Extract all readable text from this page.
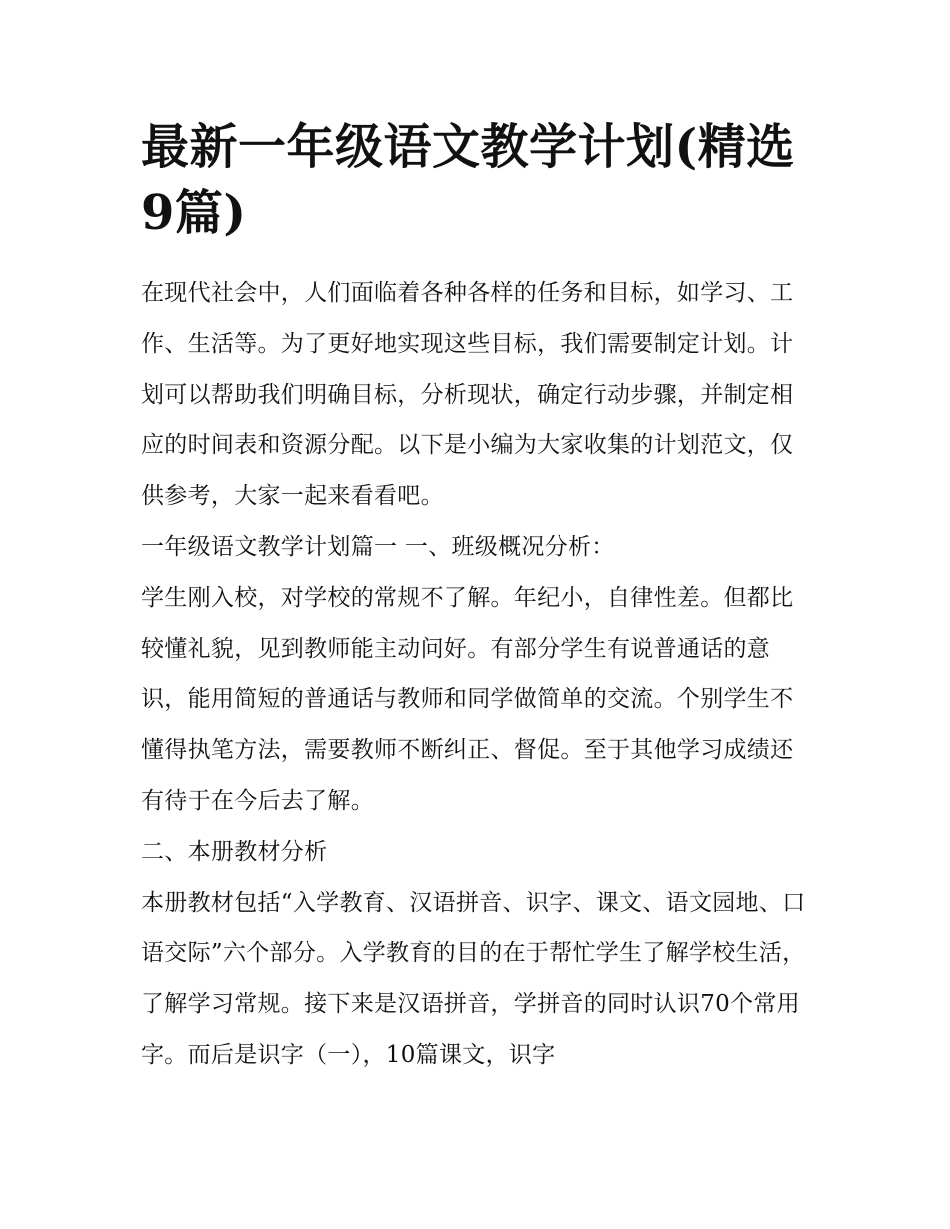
最新一年级语文教学计划(精选9篇)

在现代社会中，人们面临着各种各样的任务和目标，如学习、工作、生活等。为了更好地实现这些目标，我们需要制定计划。计划可以帮助我们明确目标，分析现状，确定行动步骤，并制定相应的时间表和资源分配。以下是小编为大家收集的计划范文，仅供参考，大家一起来看看吧。

一年级语文教学计划篇一 一、班级概况分析：

学生刚入校，对学校的常规不了解。年纪小，自律性差。但都比较懂礼貌，见到教师能主动问好。有部分学生有说普通话的意识，能用简短的普通话与教师和同学做简单的交流。个别学生不懂得执笔方法，需要教师不断纠正、督促。至于其他学习成绩还有待于在今后去了解。

二、本册教材分析

本册教材包括“入学教育、汉语拼音、识字、课文、语文园地、口语交际”六个部分。入学教育的目的在于帮忙学生了解学校生活，了解学习常规。接下来是汉语拼音，学拼音的同时认识70个常用字。而后是识字（一），10篇课文，识字
